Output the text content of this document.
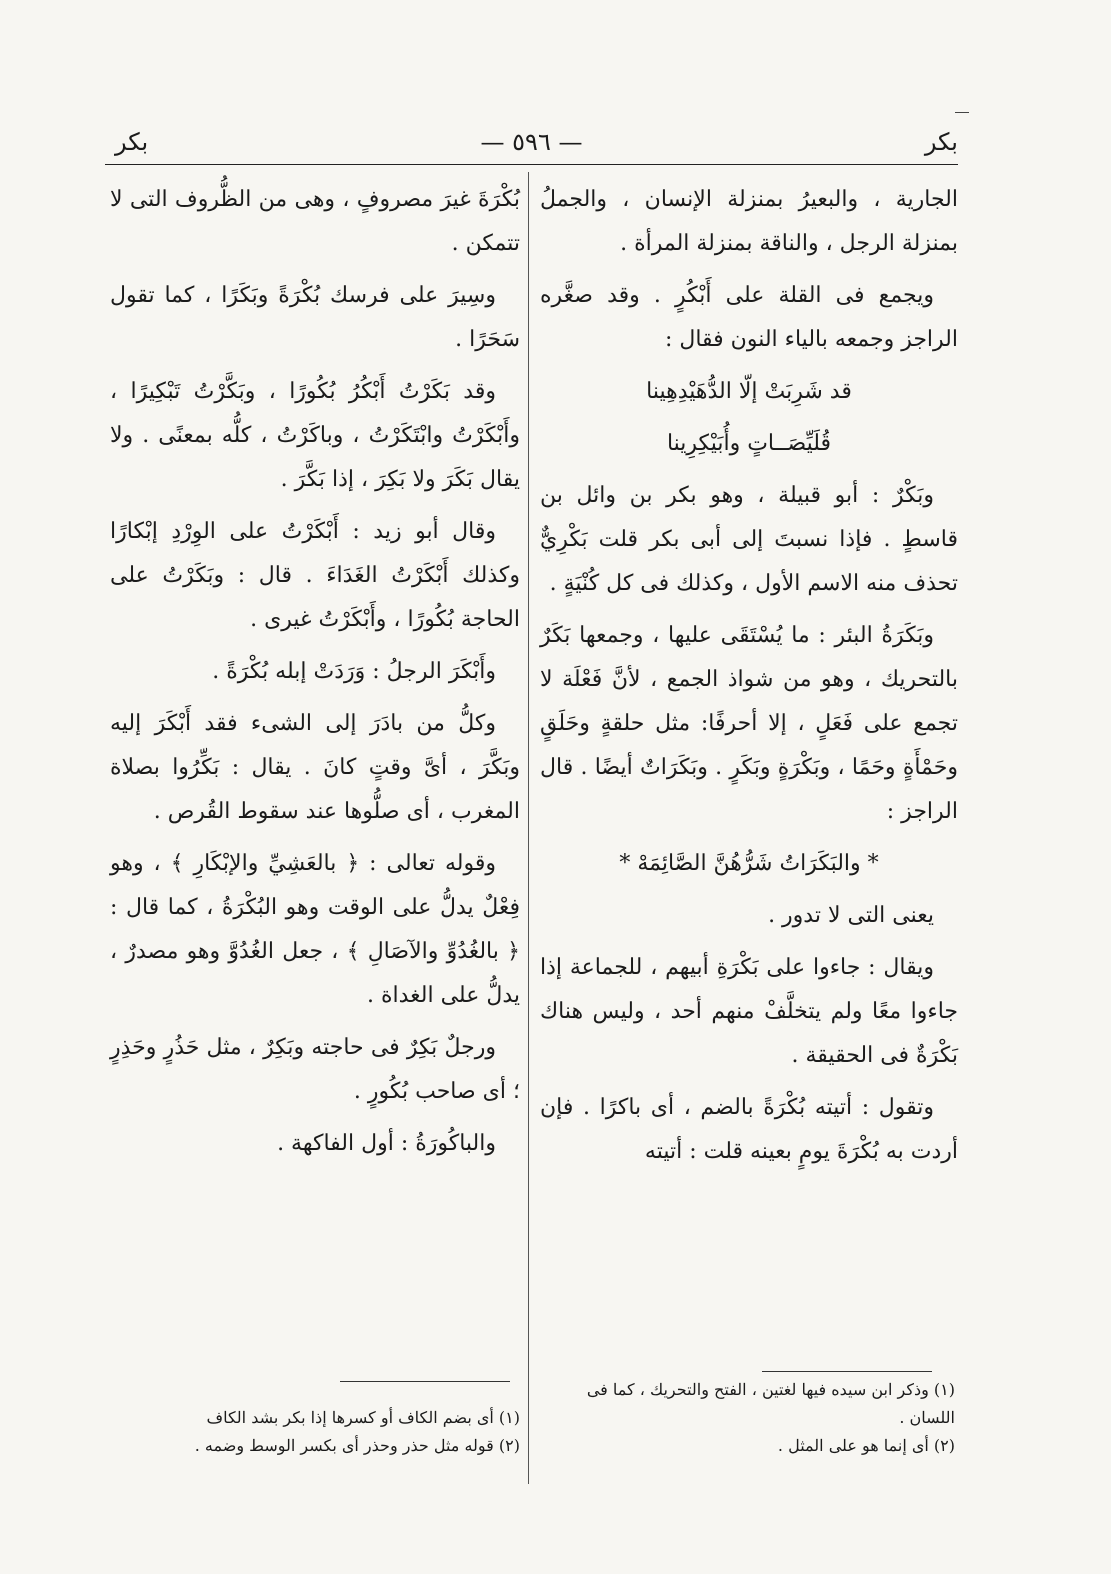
بكر
— ٥٩٦ —
بكر

الجارية ، والبعيرُ بمنزلة الإنسان ، والجملُ بمنزلة الرجل ، والناقة بمنزلة المرأة .

ويجمع فى القلة على أَبْكُرٍ . وقد صغَّره الراجز وجمعه بالياء النون فقال :

قد شَرِبَتْ إلّا الدُّهَيْدِهِينا

قُلَيِّصَــاتٍ وأُبَيْكِرِينا

وبَكْرٌ : أبو قبيلة ، وهو بكر بن وائل بن قاسطٍ . فإذا نسبتَ إلى أبى بكر قلت بَكْرِيٌّ تحذف منه الاسم الأول ، وكذلك فى كل كُنْيَةٍ .

وبَكَرَةُ البئر : ما يُسْتَقَى عليها ، وجمعها بَكَرٌ بالتحريك ، وهو من شواذ الجمع ، لأنَّ فَعْلَة لا تجمع على فَعَلٍ ، إلا أحرفًا: مثل حلقةٍ وحَلَقٍ وحَمْأَةٍ وحَمًا ، وبَكْرَةٍ وبَكَرٍ . وبَكَرَاتٌ أيضًا . قال الراجز :

* والبَكَرَاتُ شَرُّهُنَّ الصَّائِمَهْ *

يعنى التى لا تدور .

ويقال : جاءوا على بَكْرَةِ أبيهم ، للجماعة إذا جاءوا معًا ولم يتخلَّفْ منهم أحد ، وليس هناك بَكْرَةٌ فى الحقيقة .

وتقول : أتيته بُكْرَةً بالضم ، أى باكرًا . فإن أردت به بُكْرَةَ يومٍ بعينه قلت : أتيته

بُكْرَةَ غيرَ مصروفٍ ، وهى من الظُّروف التى لا تتمكن .

وسِيرَ على فرسك بُكْرَةً وبَكَرًا ، كما تقول سَحَرًا .

وقد بَكَرْتُ أَبْكُرُ بُكُورًا ، وبَكَّرْتُ تَبْكِيرًا ، وأَبْكَرْتُ وابْتَكَرْتُ ، وباكَرْتُ ، كلُّه بمعنًى . ولا يقال بَكَرَ ولا بَكِرَ ، إذا بَكَّرَ .

وقال أبو زيد : أَبْكَرْتُ على الوِرْدِ إبْكارًا وكذلك أَبْكَرْتُ الغَدَاءَ . قال : وبَكَرْتُ على الحاجة بُكُورًا ، وأَبْكَرْتُ غيرى .

وأَبْكَرَ الرجلُ : وَرَدَتْ إبله بُكْرَةً .

وكلُّ من بادَرَ إلى الشىء فقد أَبْكَرَ إليه وبَكَّرَ ، أىَّ وقتٍ كانَ . يقال : بَكِّرُوا بصلاة المغرب ، أى صلُّوها عند سقوط القُرص .

وقوله تعالى : ﴿ بالعَشِيِّ والإبْكَارِ ﴾ ، وهو فِعْلٌ يدلُّ على الوقت وهو البُكْرَةُ ، كما قال : ﴿ بالغُدُوِّ والآصَالِ ﴾ ، جعل الغُدُوَّ وهو مصدرٌ ، يدلُّ على الغداة .

ورجلٌ بَكِرٌ فى حاجته وبَكِرٌ ، مثل حَذُرٍ وحَذِرٍ ؛ أى صاحب بُكُورٍ .

والباكُورَةُ : أول الفاكهة .

(١) وذكر ابن سيده فيها لغتين ، الفتح والتحريك ، كما فى اللسان .

(٢) أى إنما هو على المثل .

(١) أى بضم الكاف أو كسرها إذا بكر بشد الكاف

(٢) قوله مثل حذر وحذر أى بكسر الوسط وضمه .
